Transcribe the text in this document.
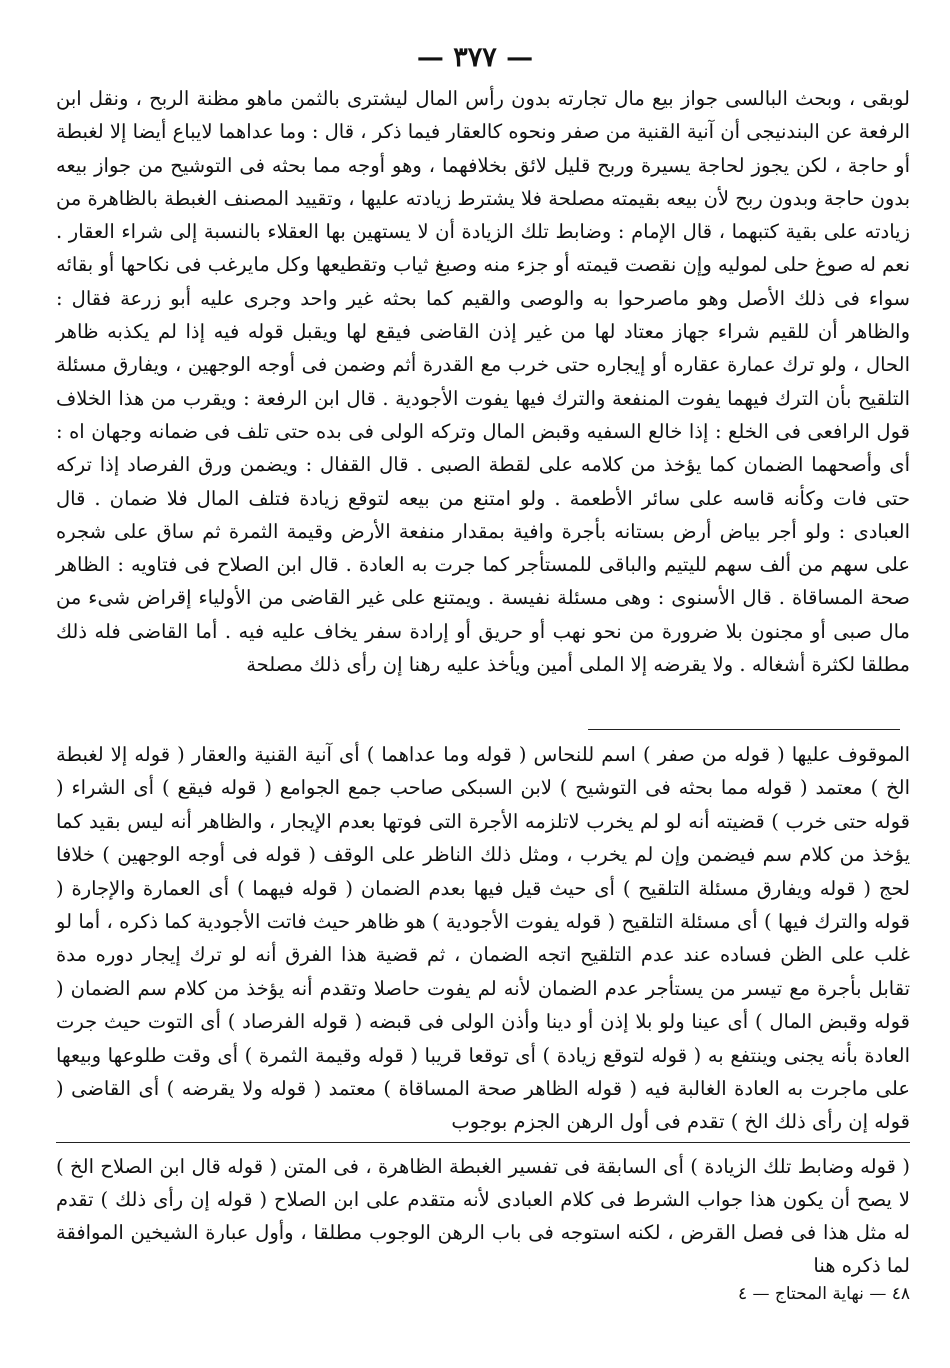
— ٣٧٧ —

لوبقى ، وبحث البالسى جواز بيع مال تجارته بدون رأس المال ليشترى بالثمن ماهو مظنة الربح ، ونقل ابن الرفعة عن البندنيجى أن آنية القنية من صفر ونحوه كالعقار فيما ذكر ، قال : وما عداهما لايباع أيضا إلا لغبطة أو حاجة ، لكن يجوز لحاجة يسيرة وربح قليل لائق بخلافهما ، وهو أوجه مما بحثه فى التوشيح من جواز بيعه بدون حاجة وبدون ربح لأن بيعه بقيمته مصلحة فلا يشترط زيادته عليها ، وتقييد المصنف الغبطة بالظاهرة من زيادته على بقية كتبهما ، قال الإمام : وضابط تلك الزيادة أن لا يستهين بها العقلاء بالنسبة إلى شراء العقار . نعم له صوغ حلى لموليه وإن نقصت قيمته أو جزء منه وصبغ ثياب وتقطيعها وكل مايرغب فى نكاحها أو بقائه سواء فى ذلك الأصل وهو ماصرحوا به والوصى والقيم كما بحثه غير واحد وجرى عليه أبو زرعة فقال : والظاهر أن للقيم شراء جهاز معتاد لها من غير إذن القاضى فيقع لها ويقبل قوله فيه إذا لم يكذبه ظاهر الحال ، ولو ترك عمارة عقاره أو إيجاره حتى خرب مع القدرة أثم وضمن فى أوجه الوجهين ، ويفارق مسئلة التلقيح بأن الترك فيهما يفوت المنفعة والترك فيها يفوت الأجودية . قال ابن الرفعة : ويقرب من هذا الخلاف قول الرافعى فى الخلع : إذا خالع السفيه وقبض المال وتركه الولى فى بده حتى تلف فى ضمانه وجهان اه : أى وأصحهما الضمان كما يؤخذ من كلامه على لقطة الصبى . قال القفال : ويضمن ورق الفرصاد إذا تركه حتى فات وكأنه قاسه على سائر الأطعمة . ولو امتنع من بيعه لتوقع زيادة فتلف المال فلا ضمان . قال العبادى : ولو أجر بياض أرض بستانه بأجرة وافية بمقدار منفعة الأرض وقيمة الثمرة ثم ساق على شجره على سهم من ألف سهم لليتيم والباقى للمستأجر كما جرت به العادة . قال ابن الصلاح فى فتاويه : الظاهر صحة المساقاة . قال الأسنوى : وهى مسئلة نفيسة . ويمتنع على غير القاضى من الأولياء إقراض شىء من مال صبى أو مجنون بلا ضرورة من نحو نهب أو حريق أو إرادة سفر يخاف عليه فيه . أما القاضى فله ذلك مطلقا لكثرة أشغاله . ولا يقرضه إلا الملى أمين ويأخذ عليه رهنا إن رأى ذلك مصلحة

الموقوف عليها ( قوله من صفر ) اسم للنحاس ( قوله وما عداهما ) أى آنية القنية والعقار ( قوله إلا لغبطة الخ ) معتمد ( قوله مما بحثه فى التوشيح ) لابن السبكى صاحب جمع الجوامع ( قوله فيقع ) أى الشراء ( قوله حتى خرب ) قضيته أنه لو لم يخرب لاتلزمه الأجرة التى فوتها بعدم الإيجار ، والظاهر أنه ليس بقيد كما يؤخذ من كلام سم فيضمن وإن لم يخرب ، ومثل ذلك الناظر على الوقف ( قوله فى أوجه الوجهين ) خلافا لحج ( قوله ويفارق مسئلة التلقيح ) أى حيث قيل فيها بعدم الضمان ( قوله فيهما ) أى العمارة والإجارة ( قوله والترك فيها ) أى مسئلة التلقيح ( قوله يفوت الأجودية ) هو ظاهر حيث فاتت الأجودية كما ذكره ، أما لو غلب على الظن فساده عند عدم التلقيح اتجه الضمان ، ثم قضية هذا الفرق أنه لو ترك إيجار دوره مدة تقابل بأجرة مع تيسر من يستأجر عدم الضمان لأنه لم يفوت حاصلا وتقدم أنه يؤخذ من كلام سم الضمان ( قوله وقبض المال ) أى عينا ولو بلا إذن أو دينا وأذن الولى فى قبضه ( قوله الفرصاد ) أى التوت حيث جرت العادة بأنه يجنى وينتفع به ( قوله لتوقع زيادة ) أى توقعا قريبا ( قوله وقيمة الثمرة ) أى وقت طلوعها وبيعها على ماجرت به العادة الغالبة فيه ( قوله الظاهر صحة المساقاة ) معتمد ( قوله ولا يقرضه ) أى القاضى ( قوله إن رأى ذلك الخ ) تقدم فى أول الرهن الجزم بوجوب

( قوله وضابط تلك الزيادة ) أى السابقة فى تفسير الغبطة الظاهرة ، فى المتن ( قوله قال ابن الصلاح الخ ) لا يصح أن يكون هذا جواب الشرط فى كلام العبادى لأنه متقدم على ابن الصلاح ( قوله إن رأى ذلك ) تقدم له مثل هذا فى فصل القرض ، لكنه استوجه فى باب الرهن الوجوب مطلقا ، وأول عبارة الشيخين الموافقة لما ذكره هنا

٤٨ — نهاية المحتاج — ٤
